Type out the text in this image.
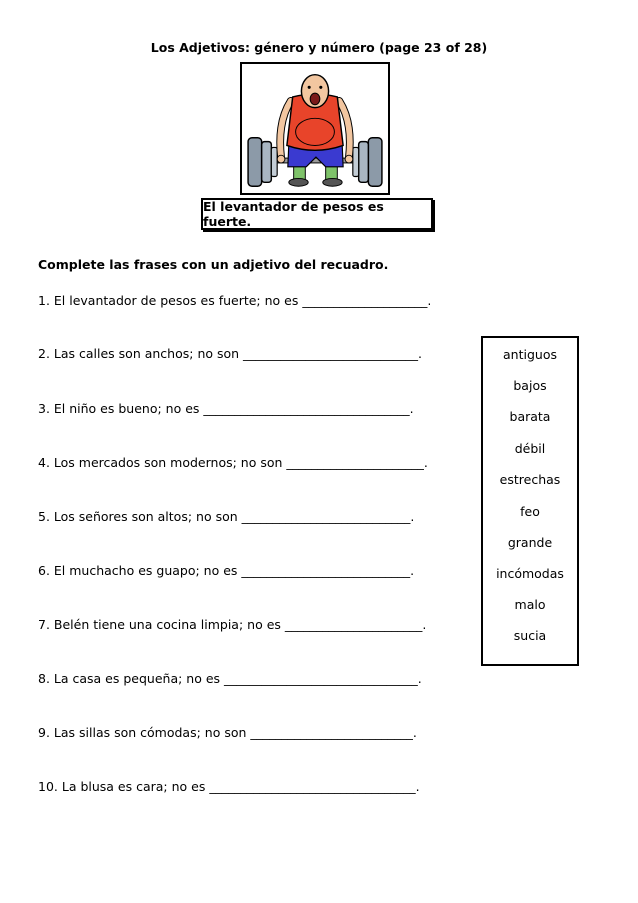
Los Adjetivos: género y número (page 23 of 28)
El levantador de pesos es fuerte.
Complete las frases con un adjetivo del recuadro.
1. El levantador de pesos es fuerte; no es ____________________.
2. Las calles son anchos; no son ____________________________.
3. El niño es bueno; no es _________________________________.
4. Los mercados son modernos; no son ______________________.
5. Los señores son altos; no son ___________________________.
6. El muchacho es guapo; no es ___________________________.
7. Belén tiene una cocina limpia; no es ______________________.
8. La casa es pequeña; no es _______________________________.
9. Las sillas son cómodas; no son __________________________.
10. La blusa es cara; no es _________________________________.
antiguos
bajos
barata
débil
estrechas
feo
grande
incómodas
malo
sucia
